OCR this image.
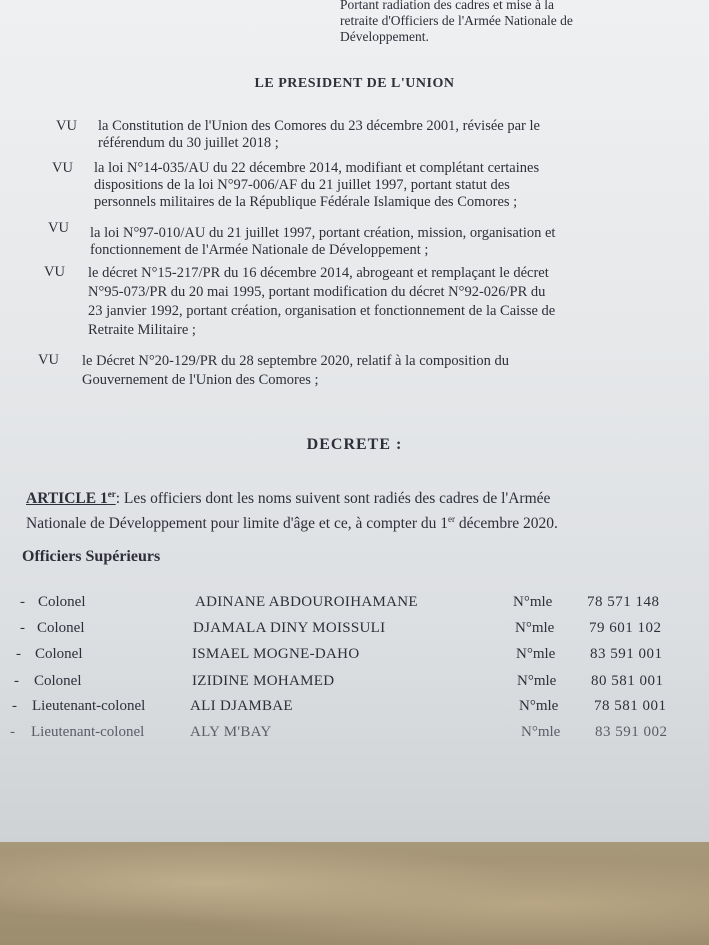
Portant radiation des cadres et mise à la
retraite d'Officiers de l'Armée Nationale de
Développement.
LE PRESIDENT DE L'UNION
VU la Constitution de l'Union des Comores du 23 décembre 2001, révisée par le
référendum du 30 juillet 2018 ;
VU la loi N°14-035/AU du 22 décembre 2014, modifiant et complétant certaines
dispositions de la loi N°97-006/AF du 21 juillet 1997, portant statut des
personnels militaires de la République Fédérale Islamique des Comores ;
VU la loi N°97-010/AU du 21 juillet 1997, portant création, mission, organisation et
fonctionnement de l'Armée Nationale de Développement ;
VU le décret N°15-217/PR du 16 décembre 2014, abrogeant et remplaçant le décret
N°95-073/PR du 20 mai 1995, portant modification du décret N°92-026/PR du
23 janvier 1992, portant création, organisation et fonctionnement de la Caisse de
Retraite Militaire ;
VU le Décret N°20-129/PR du 28 septembre 2020, relatif à la composition du
Gouvernement de l'Union des Comores ;
DECRETE :
ARTICLE 1er: Les officiers dont les noms suivent sont radiés des cadres de l'Armée
Nationale de Développement pour limite d'âge et ce, à compter du 1er décembre 2020.
Officiers Supérieurs
- Colonel	ADINANE ABDOUROIHAMANE	N°mle 78 571 148
- Colonel	DJAMALA DINY MOISSULI	N°mle 79 601 102
- Colonel	ISMAEL MOGNE-DAHO	N°mle 83 591 001
- Colonel	IZIDINE MOHAMED	N°mle 80 581 001
- Lieutenant-colonel	ALI DJAMBAE	N°mle 78 581 001
- Lieutenant-colonel	ALY M'BAY	N°mle 83 591 002
